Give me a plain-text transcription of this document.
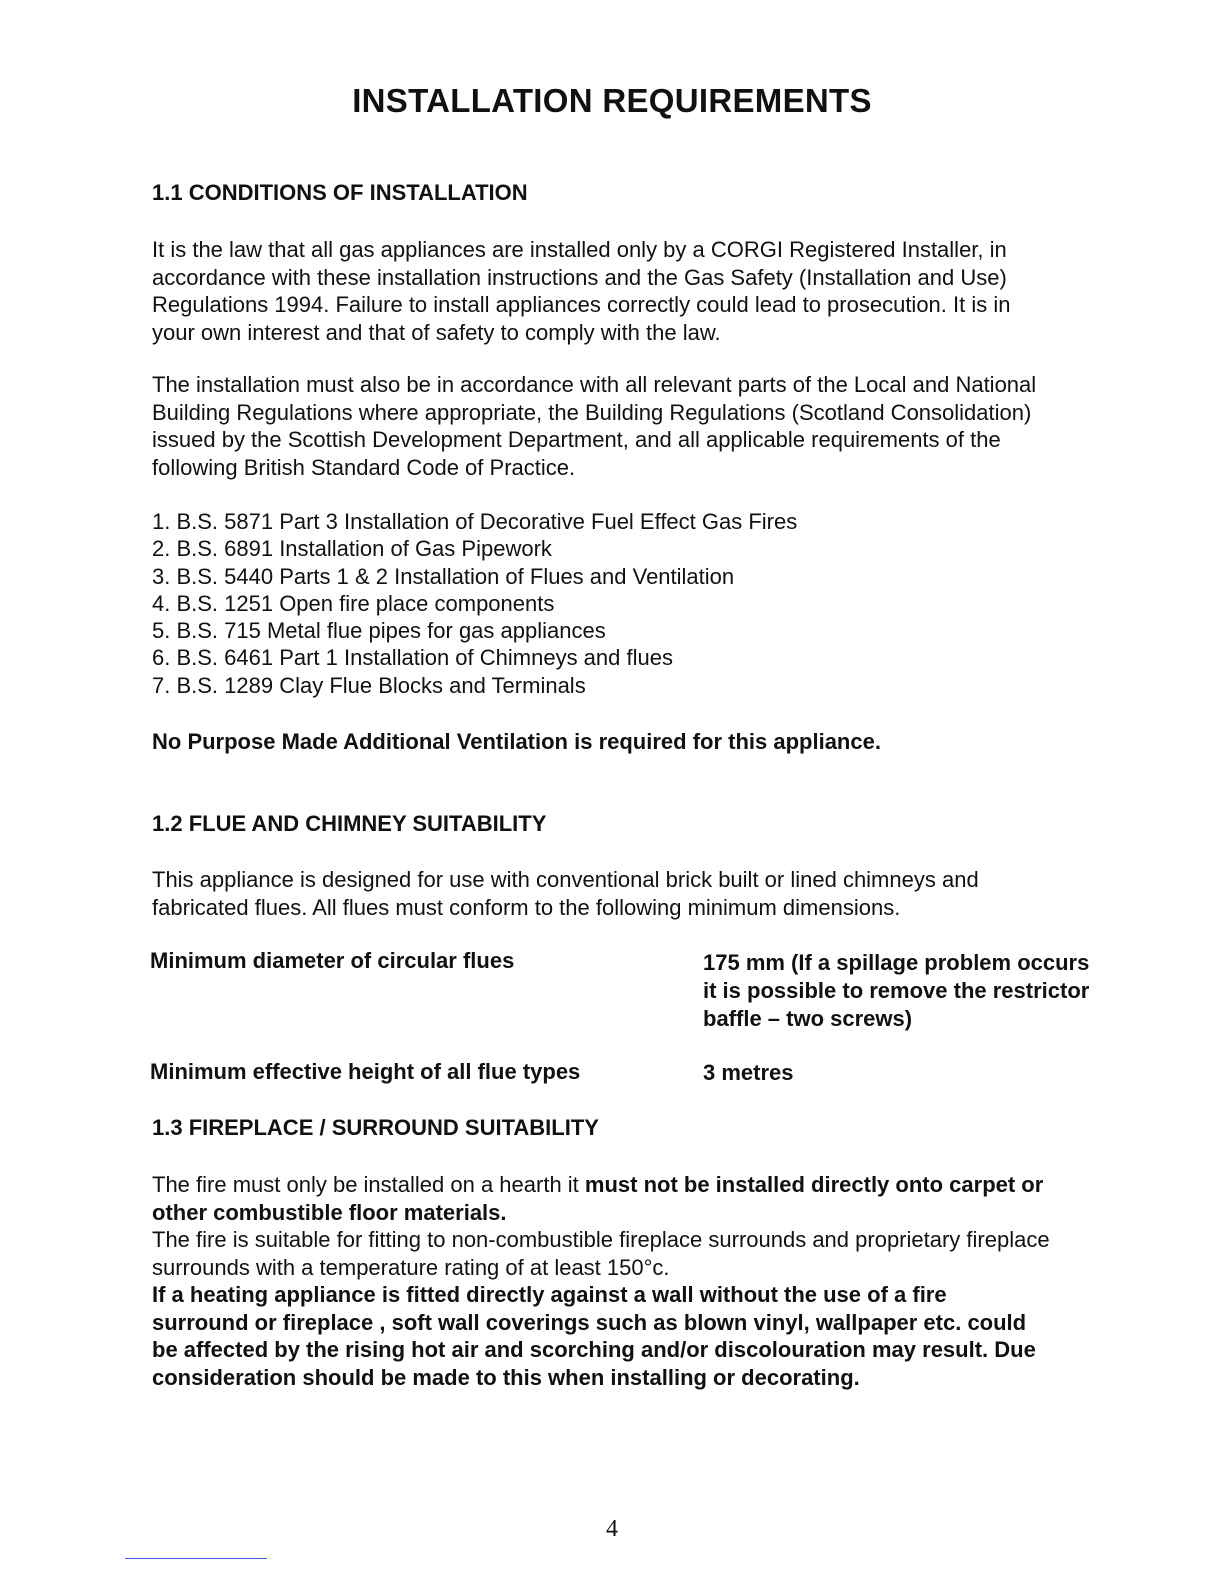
INSTALLATION REQUIREMENTS
1.1 CONDITIONS OF INSTALLATION
It is the law that all gas appliances are installed only by a CORGI Registered Installer, in
accordance with these installation instructions and the Gas Safety (Installation and Use)
Regulations 1994. Failure to install appliances correctly could lead to prosecution. It is in
your own interest and that of safety to comply with the law.
The installation must also be in accordance with all relevant parts of the Local and National
Building Regulations where appropriate, the Building Regulations (Scotland Consolidation)
issued by the Scottish Development Department, and all applicable requirements of the
following British Standard Code of Practice.
1. B.S. 5871 Part 3 Installation of Decorative Fuel Effect Gas Fires
2. B.S. 6891 Installation of Gas Pipework
3. B.S. 5440 Parts 1 & 2 Installation of Flues and Ventilation
4. B.S. 1251 Open fire place components
5. B.S. 715 Metal flue pipes for gas appliances
6. B.S. 6461 Part 1 Installation of Chimneys and flues
7. B.S. 1289 Clay Flue Blocks and Terminals
No Purpose Made Additional Ventilation is required for this appliance.
1.2 FLUE AND CHIMNEY SUITABILITY
This appliance is designed for use with conventional brick built or lined chimneys and
fabricated flues. All flues must conform to the following minimum dimensions.
Minimum diameter of circular flues	175 mm (If a spillage problem occurs
it is possible to remove the restrictor
baffle – two screws)
Minimum effective height of all flue types	3 metres
1.3 FIREPLACE / SURROUND SUITABILITY
The fire must only be installed on a hearth it must not be installed directly onto carpet or
other combustible floor materials.
The fire is suitable for fitting to non-combustible fireplace surrounds and proprietary fireplace
surrounds with a temperature rating of at least 150°c.
If a heating appliance is fitted directly against a wall without the use of a fire
surround or fireplace , soft wall coverings such as blown vinyl, wallpaper etc. could
be affected by the rising hot air and scorching and/or discolouration may result. Due
consideration should be made to this when installing or decorating.
4
